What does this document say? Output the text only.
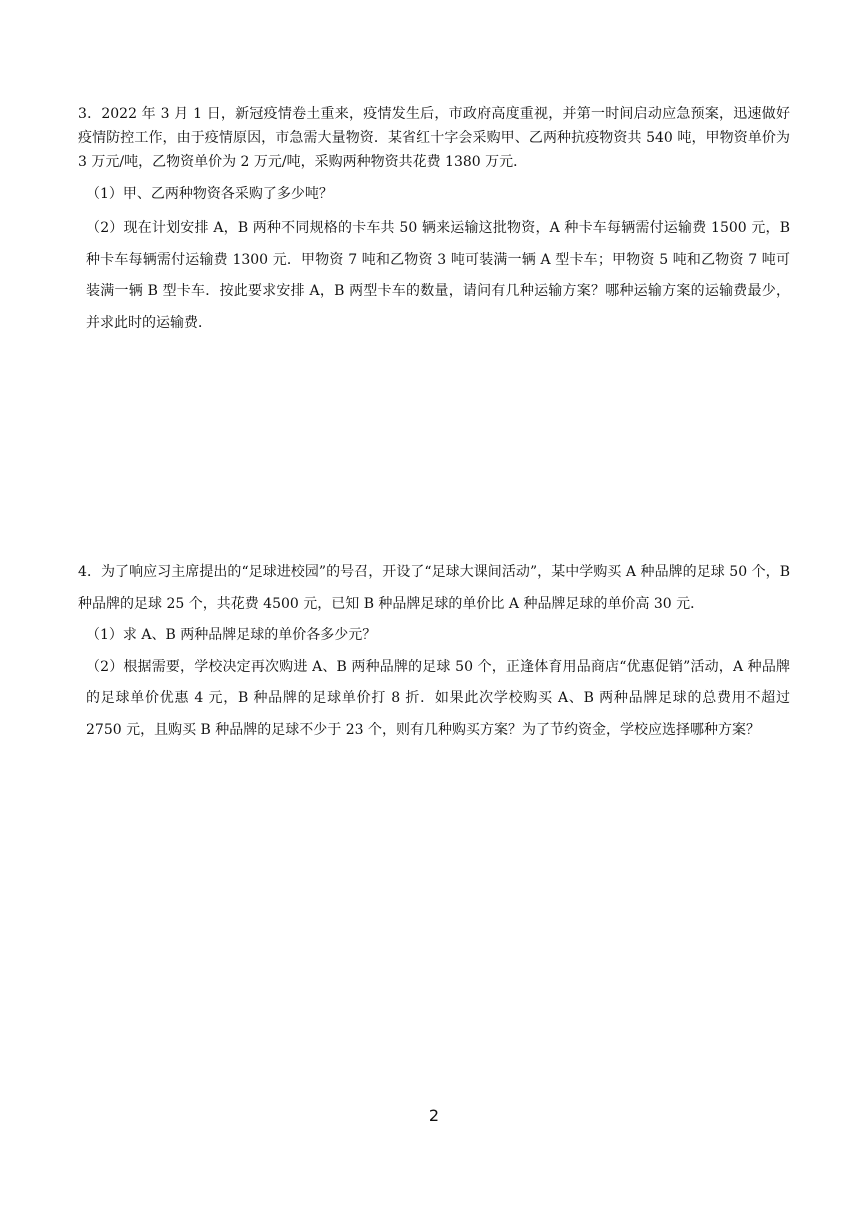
3．2022 年 3 月 1 日，新冠疫情卷土重来，疫情发生后，市政府高度重视，并第一时间启动应急预案，迅速做好疫情防控工作，由于疫情原因，市急需大量物资．某省红十字会采购甲、乙两种抗疫物资共 540 吨，甲物资单价为 3 万元/吨，乙物资单价为 2 万元/吨，采购两种物资共花费 1380 万元．

（1）甲、乙两种物资各采购了多少吨？

（2）现在计划安排 A，B 两种不同规格的卡车共 50 辆来运输这批物资，A 种卡车每辆需付运输费 1500 元，B 种卡车每辆需付运输费 1300 元．甲物资 7 吨和乙物资 3 吨可装满一辆 A 型卡车；甲物资 5 吨和乙物资 7 吨可装满一辆 B 型卡车．按此要求安排 A，B 两型卡车的数量，请问有几种运输方案？哪种运输方案的运输费最少，并求此时的运输费．

4．为了响应习主席提出的“足球进校园”的号召，开设了“足球大课间活动”，某中学购买 A 种品牌的足球 50 个，B 种品牌的足球 25 个，共花费 4500 元，已知 B 种品牌足球的单价比 A 种品牌足球的单价高 30 元．

（1）求 A、B 两种品牌足球的单价各多少元？

（2）根据需要，学校决定再次购进 A、B 两种品牌的足球 50 个，正逢体育用品商店“优惠促销”活动，A 种品牌的足球单价优惠 4 元，B 种品牌的足球单价打 8 折．如果此次学校购买 A、B 两种品牌足球的总费用不超过 2750 元，且购买 B 种品牌的足球不少于 23 个，则有几种购买方案？为了节约资金，学校应选择哪种方案？

2
